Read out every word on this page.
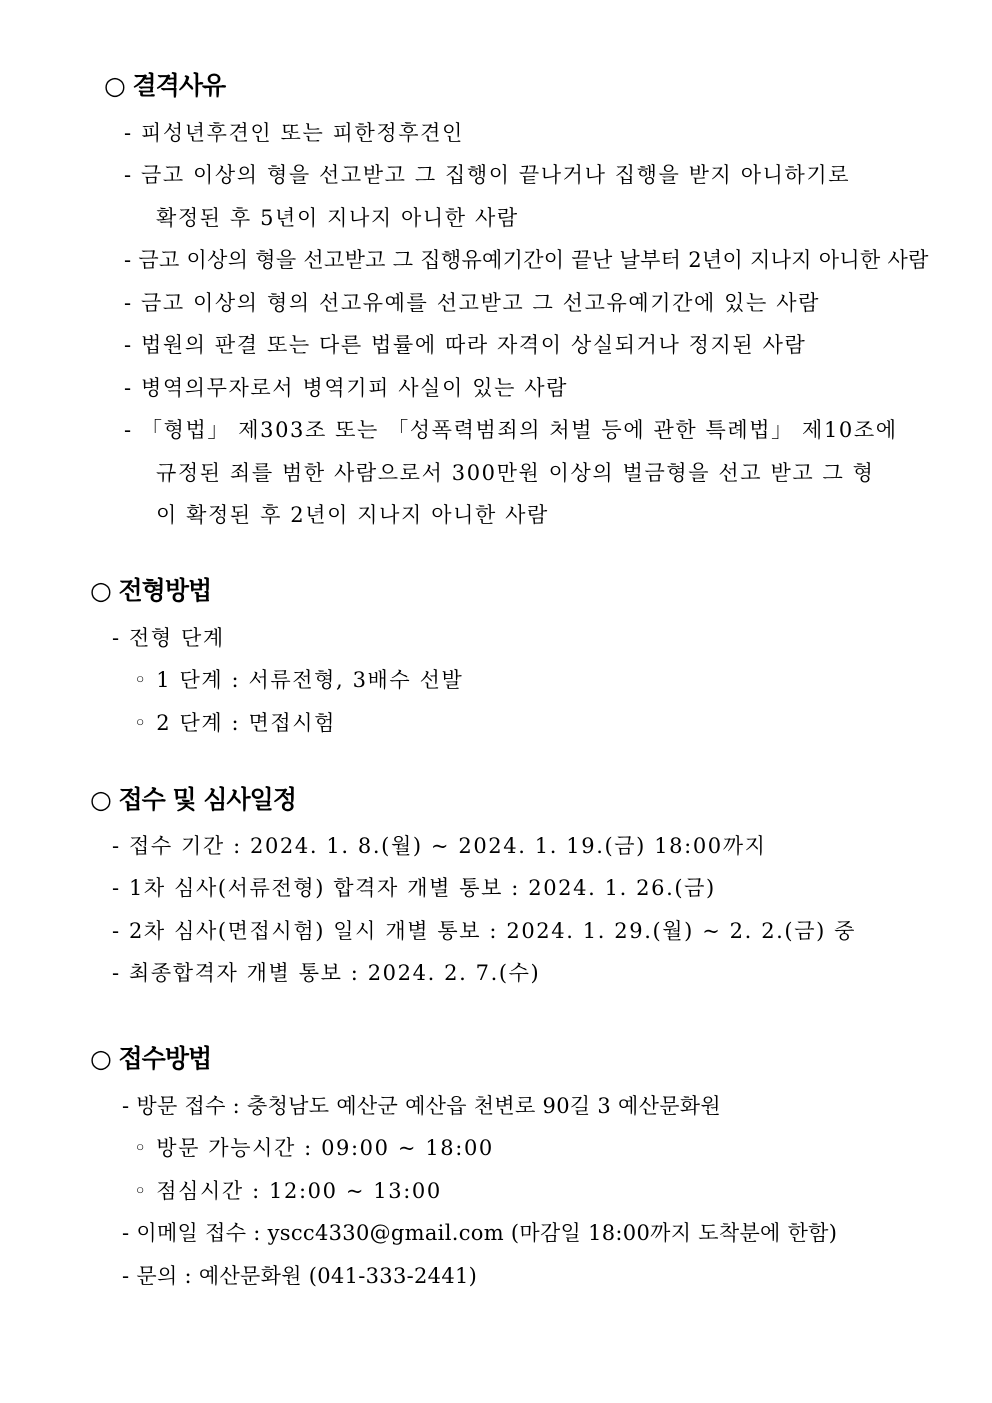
○ 결격사유
- 피성년후견인 또는 피한정후견인
- 금고 이상의 형을 선고받고 그 집행이 끝나거나 집행을 받지 아니하기로
확정된 후 5년이 지나지 아니한 사람
- 금고 이상의 형을 선고받고 그 집행유예기간이 끝난 날부터 2년이 지나지 아니한 사람
- 금고 이상의 형의 선고유예를 선고받고 그 선고유예기간에 있는 사람
- 법원의 판결 또는 다른 법률에 따라 자격이 상실되거나 정지된 사람
- 병역의무자로서 병역기피 사실이 있는 사람
- 「형법」 제303조 또는 「성폭력범죄의 처벌 등에 관한 특례법」 제10조에
규정된 죄를 범한 사람으로서 300만원 이상의 벌금형을 선고 받고 그 형
이 확정된 후 2년이 지나지 아니한 사람
○ 전형방법
- 전형 단계
◦ 1 단계 : 서류전형, 3배수 선발
◦ 2 단계 : 면접시험
○ 접수 및 심사일정
- 접수 기간 : 2024. 1. 8.(월) ~ 2024. 1. 19.(금) 18:00까지
- 1차 심사(서류전형) 합격자 개별 통보 : 2024. 1. 26.(금)
- 2차 심사(면접시험) 일시 개별 통보 : 2024. 1. 29.(월) ~ 2. 2.(금) 중
- 최종합격자 개별 통보 : 2024. 2. 7.(수)
○ 접수방법
- 방문 접수 : 충청남도 예산군 예산읍 천변로 90길 3 예산문화원
◦ 방문 가능시간 : 09:00 ~ 18:00
◦ 점심시간 : 12:00 ~ 13:00
- 이메일 접수 : yscc4330@gmail.com (마감일 18:00까지 도착분에 한함)
- 문의 : 예산문화원 (041-333-2441)
